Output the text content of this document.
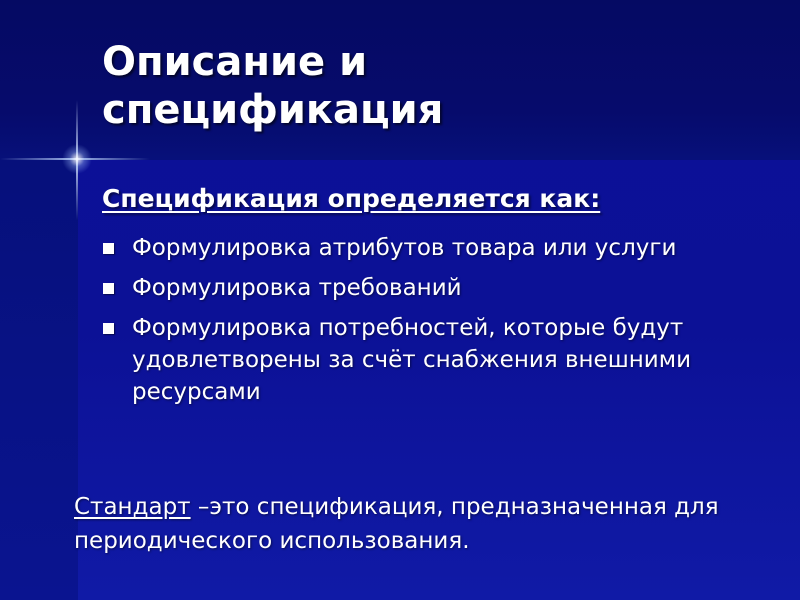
Описание и
спецификация
Спецификация определяется как:
Формулировка атрибутов товара или услуги
Формулировка требований
Формулировка потребностей, которые будут удовлетворены за счёт снабжения внешними ресурсами

Стандарт –это спецификация, предназначенная для периодического использования.
